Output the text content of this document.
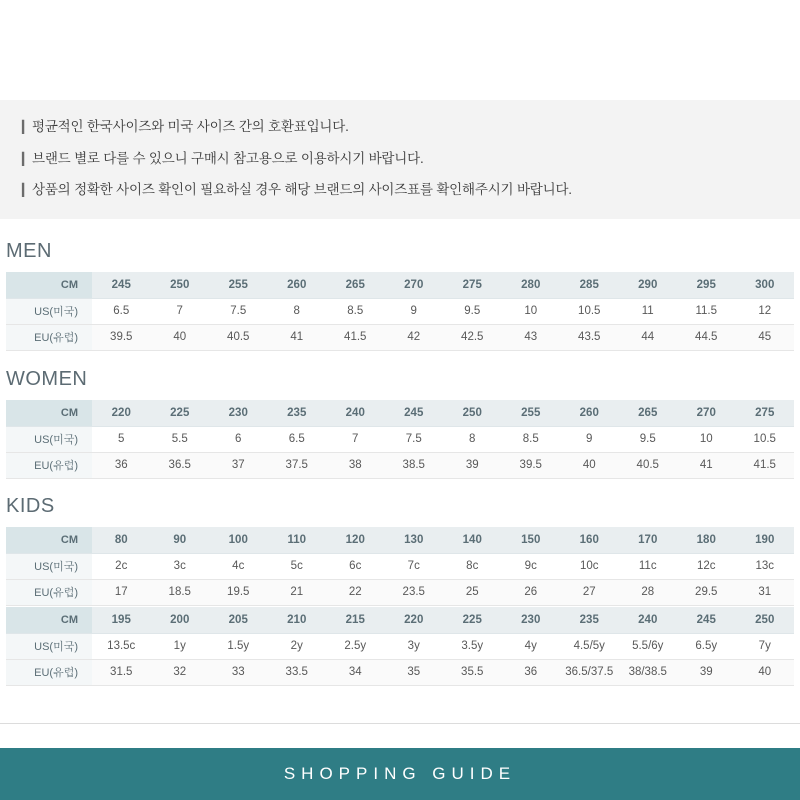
▎ 평균적인 한국사이즈와 미국 사이즈 간의 호환표입니다.

▎ 브랜드 별로 다를 수 있으니 구매시 참고용으로 이용하시기 바랍니다.

▎ 상품의 정확한 사이즈 확인이 필요하실 경우 해당 브랜드의 사이즈표를 확인해주시기 바랍니다.

MEN
CM	245	250	255	260	265	270	275	280	285	290	295	300
US(미국)	6.5	7	7.5	8	8.5	9	9.5	10	10.5	11	11.5	12
EU(유럽)	39.5	40	40.5	41	41.5	42	42.5	43	43.5	44	44.5	45
WOMEN
CM	220	225	230	235	240	245	250	255	260	265	270	275
US(미국)	5	5.5	6	6.5	7	7.5	8	8.5	9	9.5	10	10.5
EU(유럽)	36	36.5	37	37.5	38	38.5	39	39.5	40	40.5	41	41.5
KIDS
CM	80	90	100	110	120	130	140	150	160	170	180	190
US(미국)	2c	3c	4c	5c	6c	7c	8c	9c	10c	11c	12c	13c
EU(유럽)	17	18.5	19.5	21	22	23.5	25	26	27	28	29.5	31
CM	195	200	205	210	215	220	225	230	235	240	245	250
US(미국)	13.5c	1y	1.5y	2y	2.5y	3y	3.5y	4y	4.5/5y	5.5/6y	6.5y	7y
EU(유럽)	31.5	32	33	33.5	34	35	35.5	36	36.5/37.5	38/38.5	39	40
SHOPPING GUIDE
